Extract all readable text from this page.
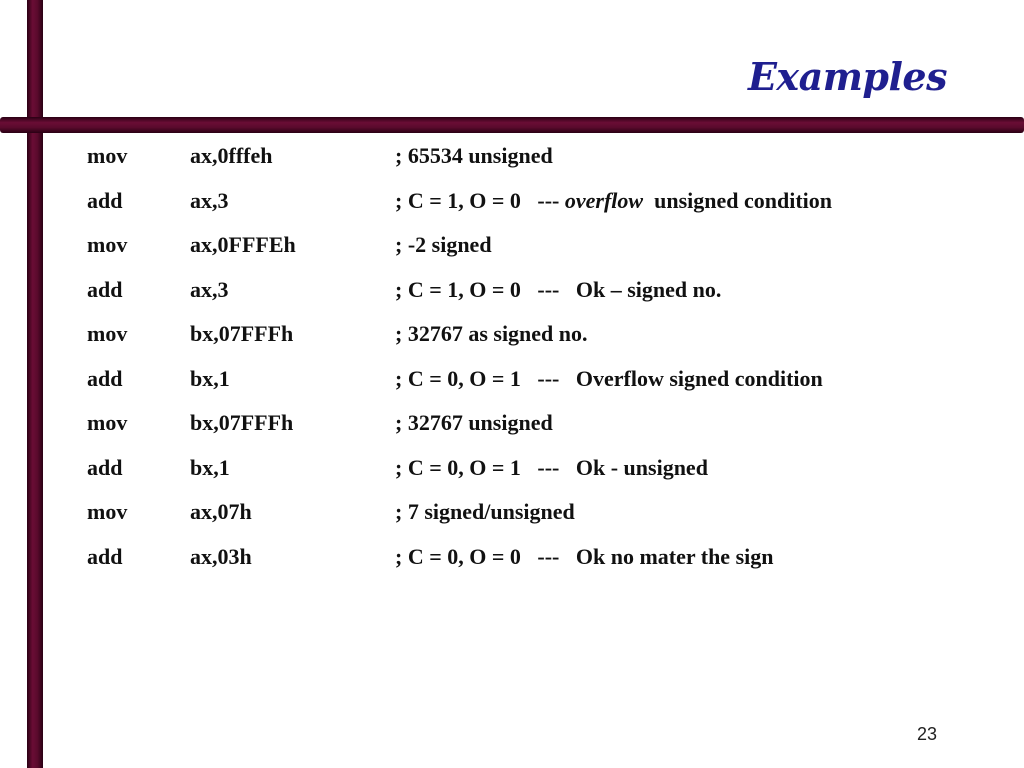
Examples
mov	ax,0fffeh	; 65534 unsigned
add	ax,3	; C = 1, O = 0   --- overflow  unsigned condition
mov	ax,0FFFEh	; -2 signed
add	ax,3	; C = 1, O = 0   ---   Ok – signed no.
mov	bx,07FFFh	; 32767 as signed no.
add	bx,1	; C = 0, O = 1   ---   Overflow signed condition
mov	bx,07FFFh	; 32767 unsigned
add	bx,1	; C = 0, O = 1   ---   Ok - unsigned
mov	ax,07h	; 7 signed/unsigned
add	ax,03h	; C = 0, O = 0   ---   Ok no mater the sign
23
